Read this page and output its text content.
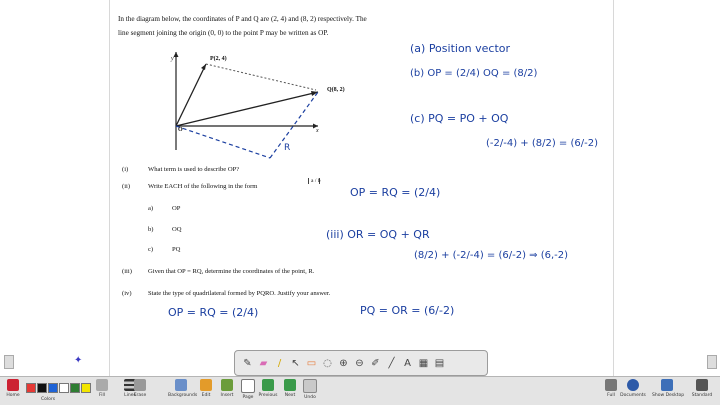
In the diagram below, the coordinates of P and Q are (2, 4) and (8, 2) respectively. The
line segment joining the origin (0, 0) to the point P may be written as OP.
(i)	What term is used to describe OP?
(ii)	Write EACH of the following in the form
a / b
a)	OP
b)	OQ
c)	PQ
(iii) Given that OP = RQ, determine the coordinates of the point, R.
(iv) State the type of quadrilateral formed by PQRO. Justify your answer.
P(2, 4)
Q(8, 2)
O	x
y
R
(a) Position vector
(b) OP = (2/4) OQ = (8/2)
(c) PQ = PO + OQ
(-2/-4) + (8/2) = (6/-2)
OP = RQ = (2/4)
(iii) OR = OQ + QR
(8/2) + (-2/-4) = (6/-2) ⇒ (6,-2)
OP = RQ = (2/4)	PQ = OR = (6/-2)
✦	✎ ▰	/	↖ ▭ ◌ ⊕ ⊖ ✐ ╱ A ▦ ▤
Home
Colors
Fill	Lines
Erase	Backgrounds Edit	Insert	Page	Previous	Next	Undo	Full	Documents Show Desktop	Standard
